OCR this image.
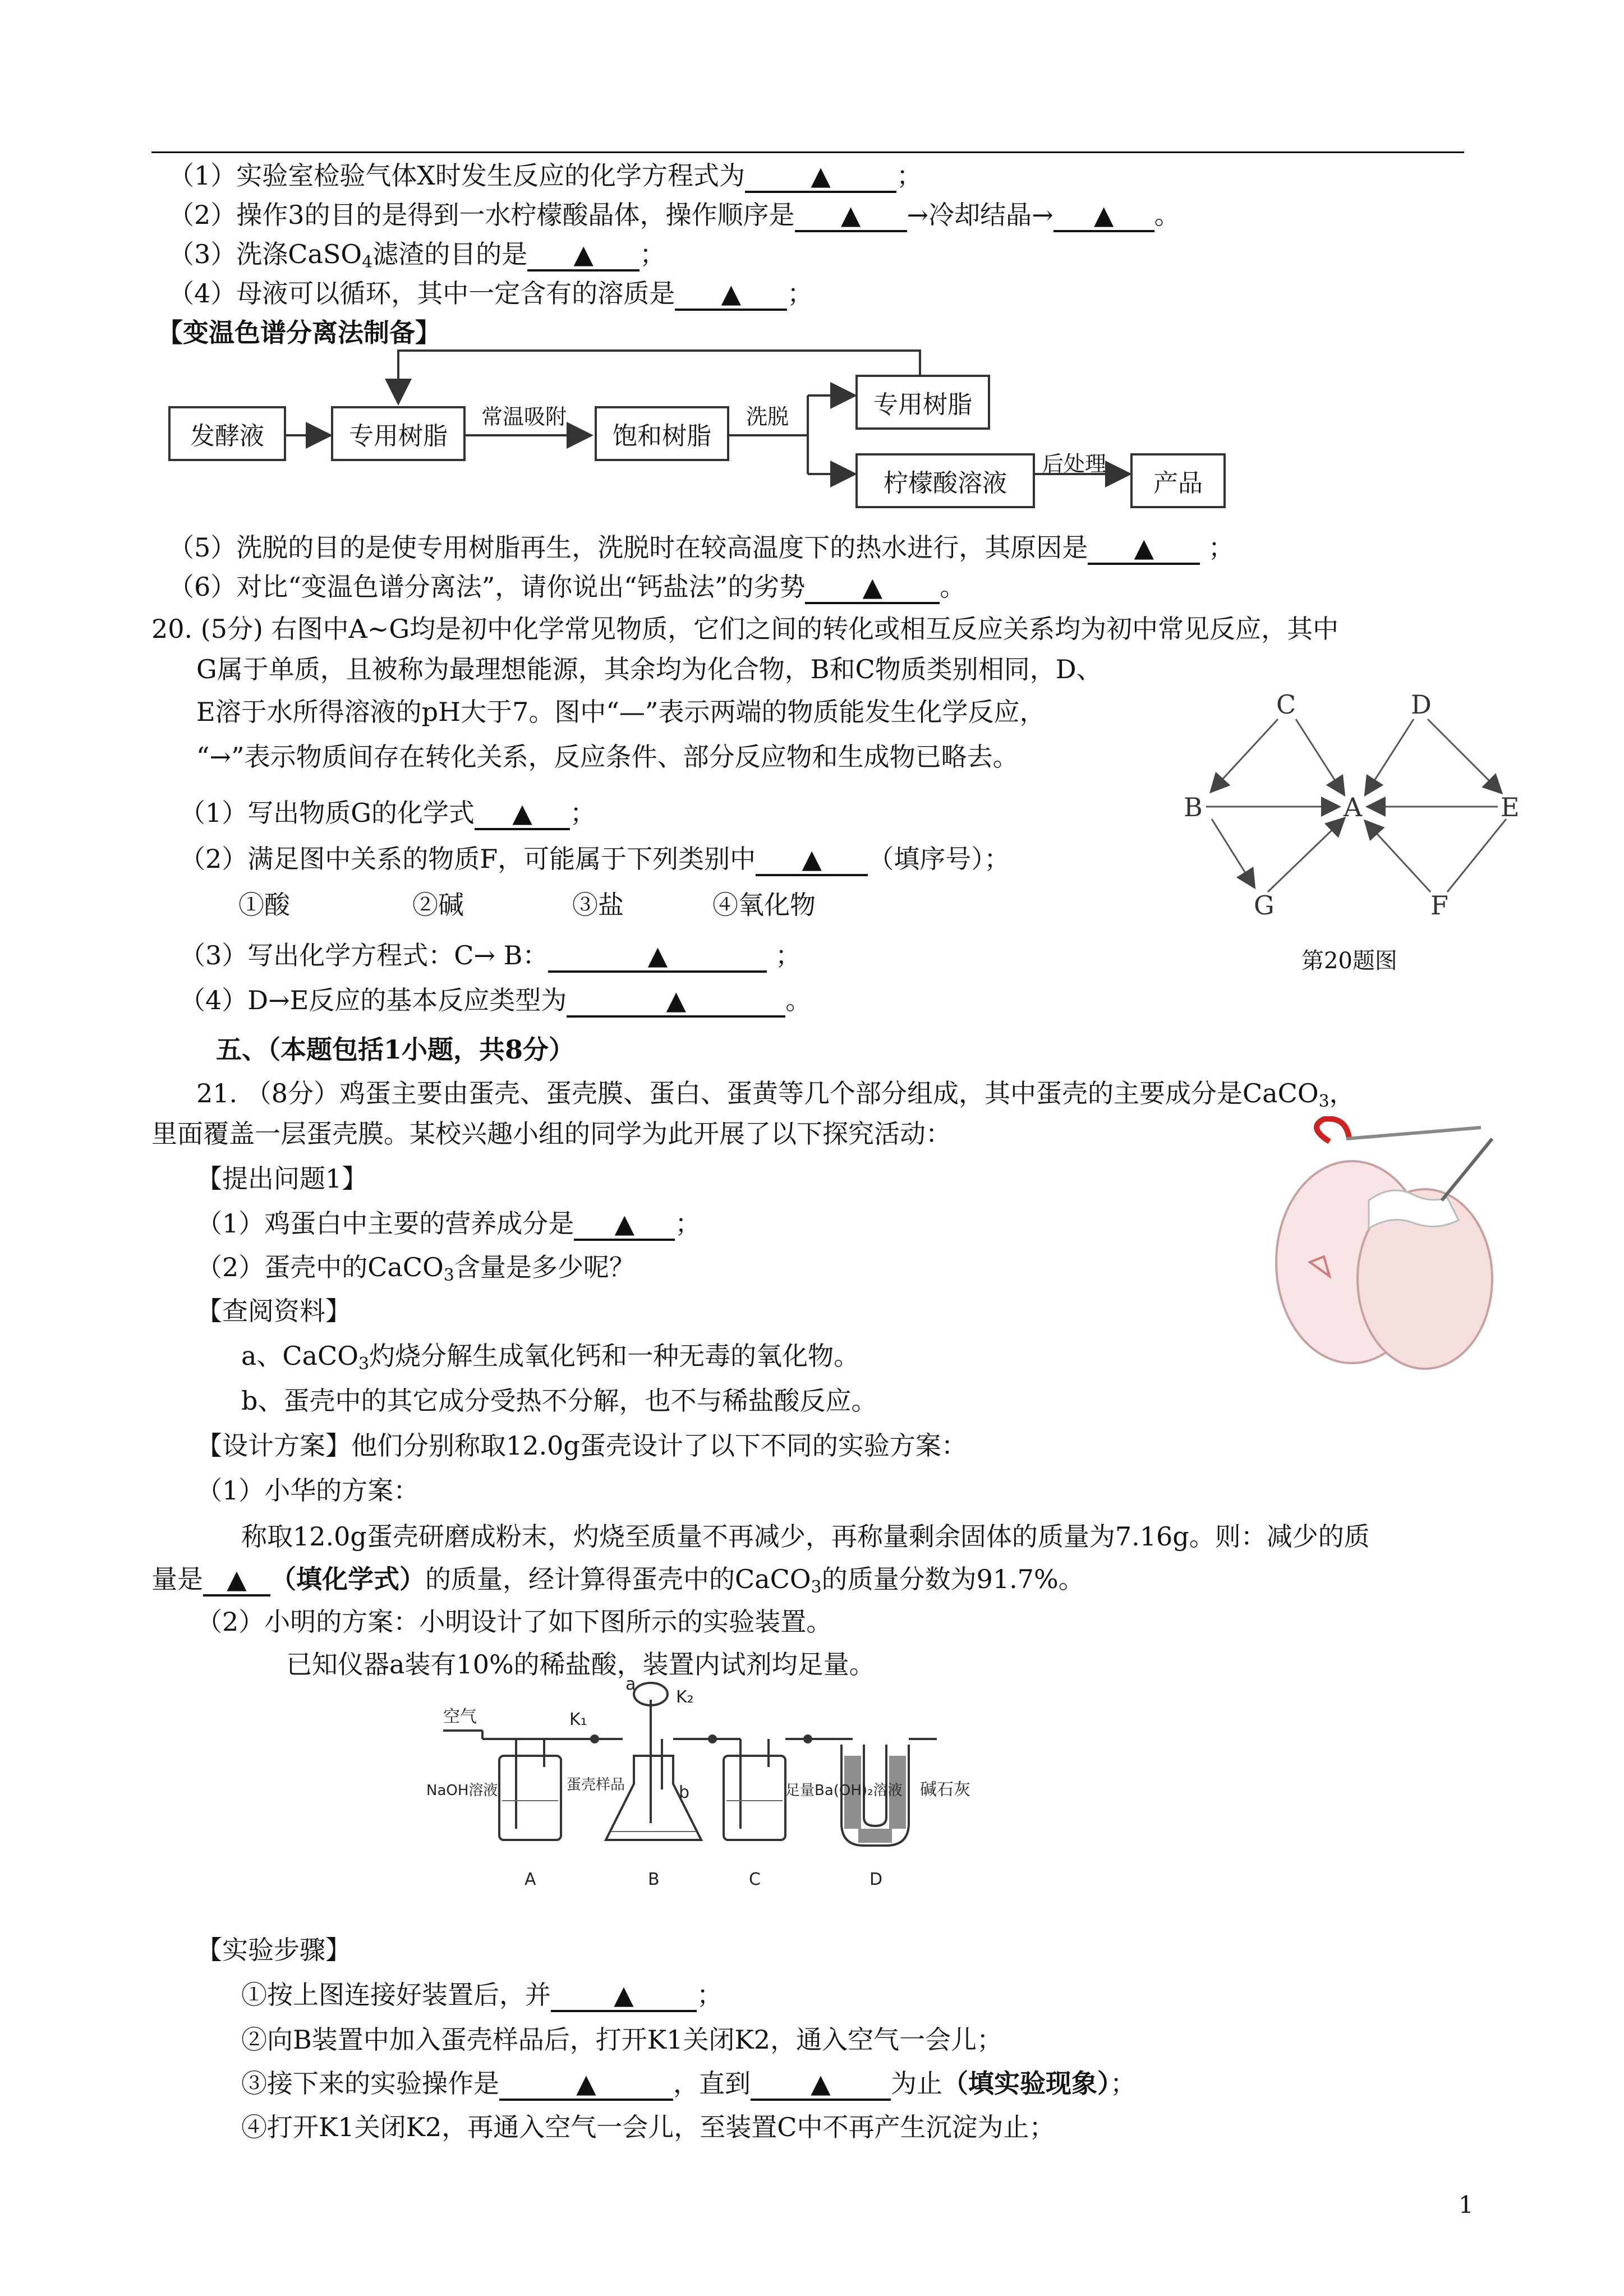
（1）实验室检验气体X时发生反应的化学方程式为	▲	；
（2）操作3的目的是得到一水柠檬酸晶体，操作顺序是 ▲ →冷却结晶→ ▲ 。
（3）洗涤CaSO$_4$滤渣的目的是 ▲ ；
（4）母液可以循环，其中一定含有的溶质是 ▲ ；
【变温色谱分离法制备】
发酵液	专用树脂
常温吸附
饱和树脂
洗脱	专用树脂
柠檬酸溶液
后处理
产品
（5）洗脱的目的是使专用树脂再生，洗脱时在较高温度下的热水进行，其原因是 ▲ ；
（6）对比“变温色谱分离法”，请你说出“钙盐法”的劣势 ▲ 。
20. (5分) 右图中A~G均是初中化学常见物质，它们之间的转化或相互反应关系均为初中常见反应，其中
G属于单质，且被称为最理想能源，其余均为化合物，B和C物质类别相同，D、
E溶于水所得溶液的pH大于7。图中“—”表示两端的物质能发生化学反应，
“→”表示物质间存在转化关系，反应条件、部分反应物和生成物已略去。
（1）写出物质G的化学式 ▲ ；
（2）满足图中关系的物质F，可能属于下列类别中 ▲ （填序号）；
①酸	②碱	③盐	④氧化物
（3）写出化学方程式：C→ B：	▲	；
（4）D→E反应的基本反应类型为	▲	。
C	D
B	A	E
G	F
第20题图
五、（本题包括1小题，共8分）
21. （8分）鸡蛋主要由蛋壳、蛋壳膜、蛋白、蛋黄等几个部分组成，其中蛋壳的主要成分是CaCO$_3$，
里面覆盖一层蛋壳膜。某校兴趣小组的同学为此开展了以下探究活动：
【提出问题1】
（1）鸡蛋白中主要的营养成分是 ▲ ；
（2）蛋壳中的CaCO$_3$含量是多少呢？
【查阅资料】
a、CaCO$_3$灼烧分解生成氧化钙和一种无毒的氧化物。
b、蛋壳中的其它成分受热不分解，也不与稀盐酸反应。
【设计方案】他们分别称取12.0g蛋壳设计了以下不同的实验方案：
（1）小华的方案：
称取12.0g蛋壳研磨成粉末，灼烧至质量不再减少，再称量剩余固体的质量为7.16g。则：减少的质
量是 ▲ （填化学式）的质量，经计算得蛋壳中的CaCO$_3$的质量分数为91.7%。
（2）小明的方案：小明设计了如下图所示的实验装置。
已知仪器a装有10%的稀盐酸，装置内试剂均足量。
空气	K₁
K₂
a
b
NaOH溶液	蛋壳样品	足量Ba(OH)₂溶液 碱石灰
A	B	C	D
【实验步骤】
①按上图连接好装置后，并 ▲ ；
②向B装置中加入蛋壳样品后，打开K1关闭K2，通入空气一会儿；
③接下来的实验操作是	▲	，直到 ▲ 为止（填实验现象）；
④打开K1关闭K2，再通入空气一会儿，至装置C中不再产生沉淀为止；
1
